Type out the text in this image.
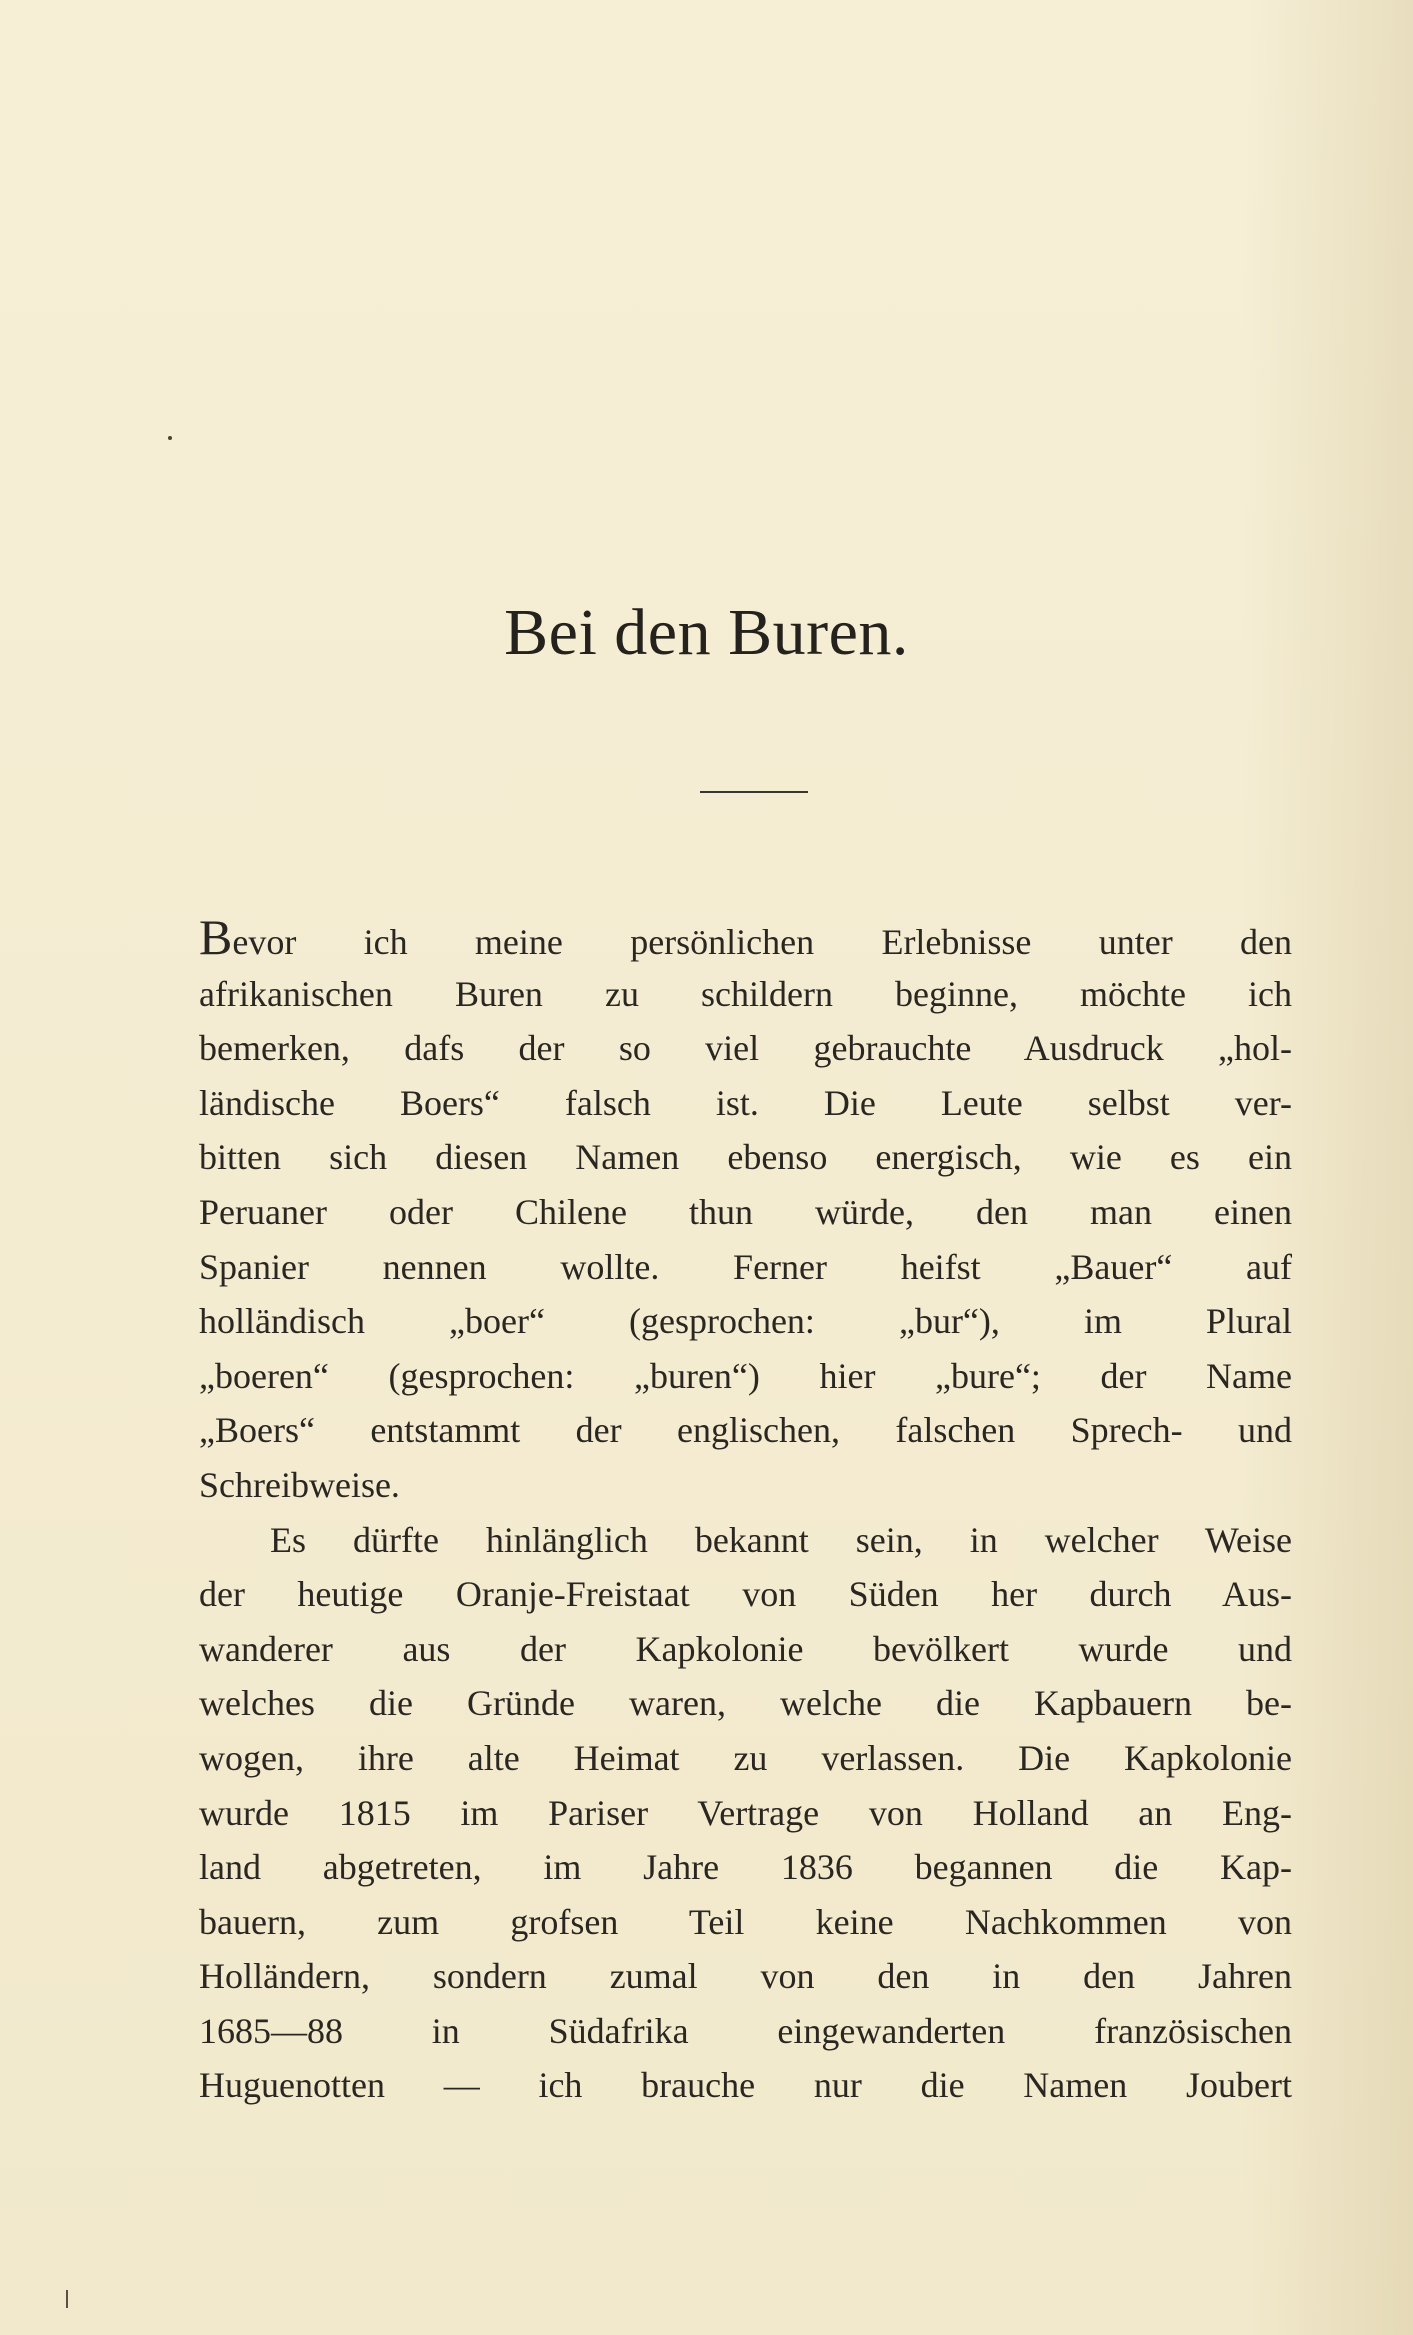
Bei den Buren.
Bevor ich meine persönlichen Erlebnisse unter den
afrikanischen Buren zu schildern beginne, möchte ich
bemerken, dafs der so viel gebrauchte Ausdruck „hol-
ländische Boers“ falsch ist. Die Leute selbst ver-
bitten sich diesen Namen ebenso energisch, wie es ein
Peruaner oder Chilene thun würde, den man einen
Spanier nennen wollte. Ferner heifst „Bauer“ auf
holländisch „boer“ (gesprochen: „bur“), im Plural
„boeren“ (gesprochen: „buren“) hier „bure“; der Name
„Boers“ entstammt der englischen, falschen Sprech- und
Schreibweise.
Es dürfte hinlänglich bekannt sein, in welcher Weise
der heutige Oranje-Freistaat von Süden her durch Aus-
wanderer aus der Kapkolonie bevölkert wurde und
welches die Gründe waren, welche die Kapbauern be-
wogen, ihre alte Heimat zu verlassen. Die Kapkolonie
wurde 1815 im Pariser Vertrage von Holland an Eng-
land abgetreten, im Jahre 1836 begannen die Kap-
bauern, zum grofsen Teil keine Nachkommen von
Holländern, sondern zumal von den in den Jahren
1685—88 in Südafrika eingewanderten französischen
Huguenotten — ich brauche nur die Namen Joubert
